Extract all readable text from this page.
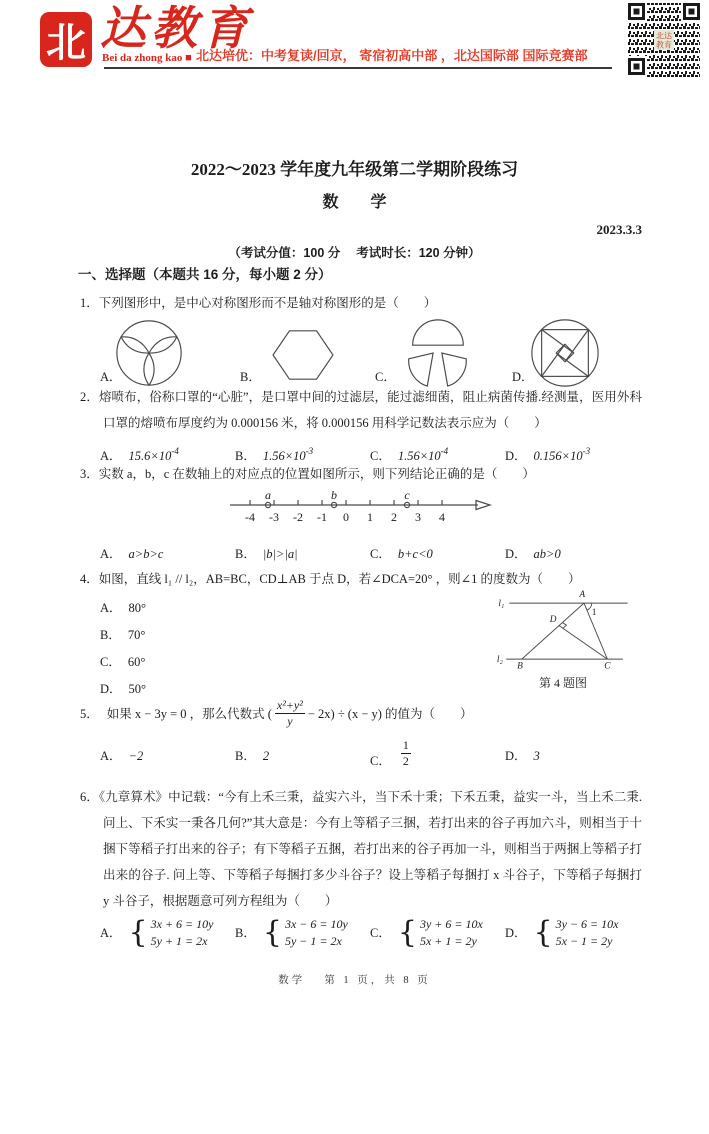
北 达教育
Bei da zhong kao ■ 北达培优：中考复读/回京， 寄宿初高中部 ，北达国际部 国际竞赛部
北达
教育
2022～2023 学年度九年级第二学期阶段练习
数　学
2023.3.3
（考试分值：100 分　 考试时长：120 分钟）
一、选择题（本题共 16 分，每小题 2 分）

1．下列图形中，是中心对称图形而不是轴对称图形的是（　　）

A．	B．	C．	D．

2．熔喷布，俗称口罩的“心脏”，是口罩中间的过滤层，能过滤细菌，阻止病菌传播.经测量，医用外科口罩的熔喷布厚度约为 0.000156 米，将 0.000156 用科学记数法表示应为（　　）

A． $15.6\times 10^{-4}$	B． $1.56\times 10^{-3}$	C． $1.56\times 10^{-4}$	D． $0.156\times 10^{-3}$

3．实数 a，b，c 在数轴上的对应点的位置如图所示，则下列结论正确的是（　　）

-4 -3 -2 -1 0 1 2 3 4
a	b	c
A． a>b>c	B． |b|>|a|	C． b+c<0	D． ab>0

4．如图，直线 l₁ // l₂，AB=BC，CD⊥AB 于点 D，若∠DCA=20° ，则∠1 的度数为（　　）

A． 80°
B． 70°
C． 60°
D． 50°
l₁
l₂
A
B	C
D
1
第 4 题图

5． 如果 x − 3y = 0 ，那么代数式 ( $\frac{\text{x²+y²}}{y} - 2x) \div (x - y)$ 的值为（　　）

A． −2	B． 2	C． $\frac{1}{2}$	D． 3

6．《九章算术》中记载：“今有上禾三秉，益实六斗，当下禾十秉；下禾五秉，益实一斗，当上禾二秉. 问上、下禾实一秉各几何?”其大意是：今有上等稻子三捆，若打出来的谷子再加六斗，则相当于十捆下等稻子打出来的谷子；有下等稻子五捆，若打出来的谷子再加一斗，则相当于两捆上等稻子打出来的谷子. 问上等、下等稻子每捆打多少斗谷子？设上等稻子每捆打 x 斗谷子，下等稻子每捆打 y 斗谷子，根据题意可列方程组为（　　）

A． { 3x + 6 = 10y
5y + 1 = 2x
B． { 3x − 6 = 10y
5y − 1 = 2x
C． { 3y + 6 = 10x
5x + 1 = 2y
D． { 3y − 6 = 10x
5x − 1 = 2y
数学　 第 1 页，共 8 页
